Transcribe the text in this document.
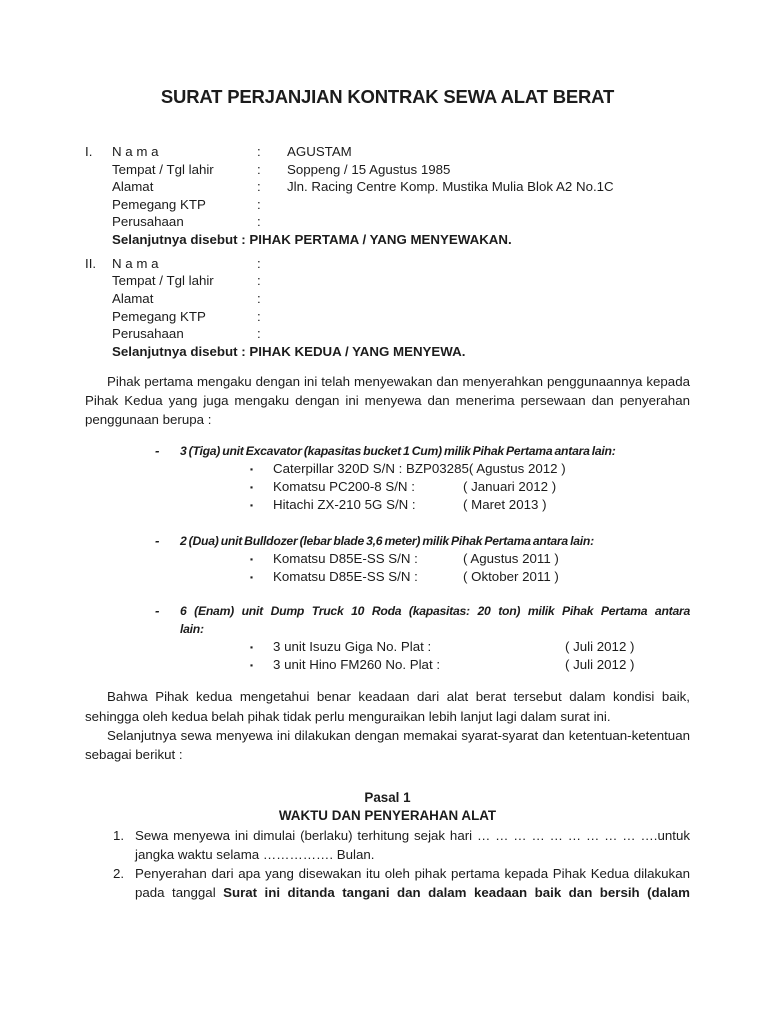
SURAT PERJANJIAN KONTRAK SEWA ALAT BERAT
I.	N a m a	:	AGUSTAM
Tempat / Tgl lahir	:	Soppeng / 15 Agustus 1985
Alamat	:	Jln. Racing Centre Komp. Mustika Mulia Blok A2 No.1C
Pemegang KTP	:
Perusahaan	:
Selanjutnya disebut : PIHAK PERTAMA / YANG MENYEWAKAN.
II.	N a m a	:
Tempat / Tgl lahir	:
Alamat	:
Pemegang KTP	:
Perusahaan	:
Selanjutnya disebut : PIHAK KEDUA / YANG MENYEWA.

Pihak pertama mengaku dengan ini telah menyewakan dan menyerahkan penggunaannya kepada Pihak Kedua yang juga mengaku dengan ini menyewa dan menerima persewaan dan penyerahan penggunaan berupa :

-	3 (Tiga) unit Excavator (kapasitas bucket 1 Cum) milik Pihak Pertama antara lain:
▪	Caterpillar 320D S/N : BZP03285( Agustus 2012 )
▪	Komatsu PC200-8 S/N :	( Januari 2012 )
▪	Hitachi ZX-210 5G S/N :	( Maret 2013 )
-	2 (Dua) unit Bulldozer (lebar blade 3,6 meter) milik Pihak Pertama antara lain:
▪	Komatsu D85E-SS S/N :	( Agustus 2011 )
▪	Komatsu D85E-SS S/N :	( Oktober 2011 )
-	6 (Enam) unit Dump Truck 10 Roda (kapasitas: 20 ton) milik Pihak Pertama antara
lain:
▪	3 unit Isuzu Giga No. Plat :	( Juli 2012 )
▪	3 unit Hino FM260 No. Plat :	( Juli 2012 )

Bahwa Pihak kedua mengetahui benar keadaan dari alat berat tersebut dalam kondisi baik, sehingga oleh kedua belah pihak tidak perlu menguraikan lebih lanjut lagi dalam surat ini.

Selanjutnya sewa menyewa ini dilakukan dengan memakai syarat-syarat dan ketentuan-ketentuan sebagai berikut :

Pasal 1
WAKTU DAN PENYERAHAN ALAT
1. Sewa menyewa ini dimulai (berlaku) terhitung sejak hari … … … … … … … … … ….untuk
jangka waktu selama ……………. Bulan.
2. Penyerahan dari apa yang disewakan itu oleh pihak pertama kepada Pihak Kedua dilakukan
pada tanggal Surat ini ditanda tangani dan dalam keadaan baik dan bersih (dalam
